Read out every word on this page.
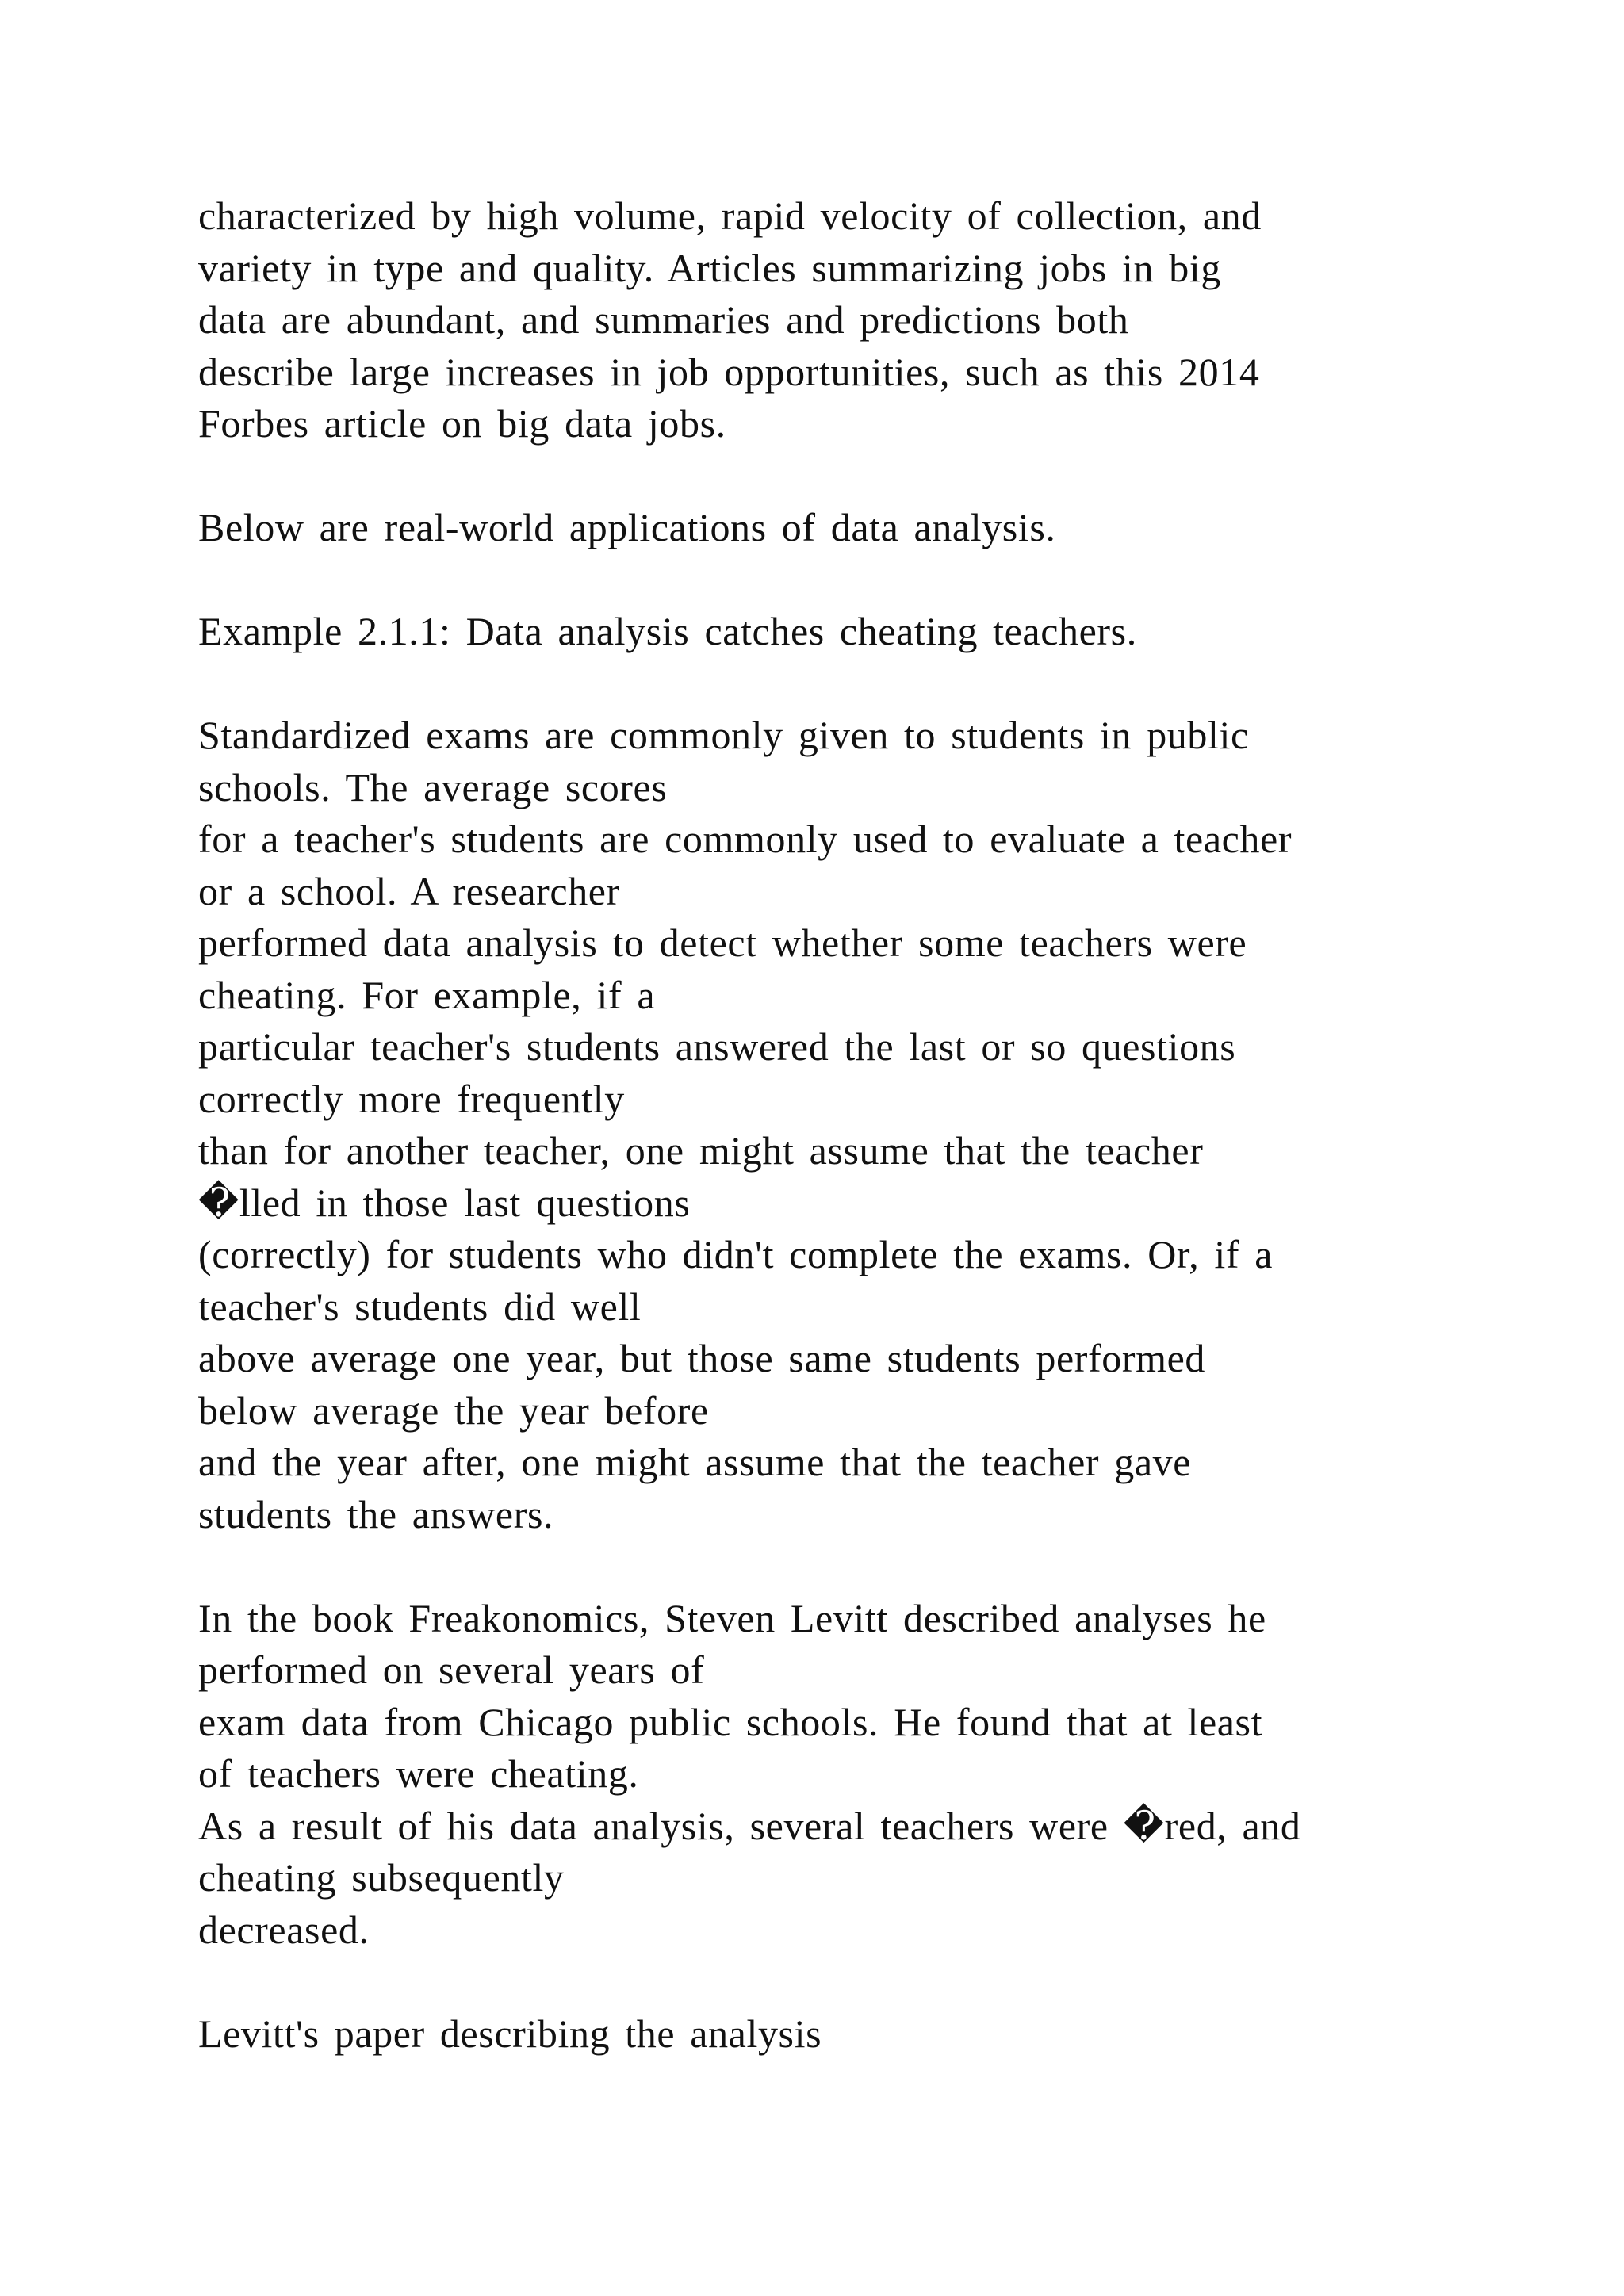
characterized by high volume, rapid velocity of collection, and
variety in type and quality. Articles summarizing jobs in big
data are abundant, and summaries and predictions both
describe large increases in job opportunities, such as this 2014
Forbes article on big data jobs.
Below are real-world applications of data analysis.
Example 2.1.1: Data analysis catches cheating teachers.
Standardized exams are commonly given to students in public
schools. The average scores
for a teacher's students are commonly used to evaluate a teacher
or a school. A researcher
performed data analysis to detect whether some teachers were
cheating. For example, if a
particular teacher's students answered the last or so questions
correctly more frequently
than for another teacher, one might assume that the teacher
�lled in those last questions
(correctly) for students who didn't complete the exams. Or, if a
teacher's students did well
above average one year, but those same students performed
below average the year before
and the year after, one might assume that the teacher gave
students the answers.
In the book Freakonomics, Steven Levitt described analyses he
performed on several years of
exam data from Chicago public schools. He found that at least
of teachers were cheating.
As a result of his data analysis, several teachers were �red, and
cheating subsequently
decreased.
Levitt's paper describing the analysis
